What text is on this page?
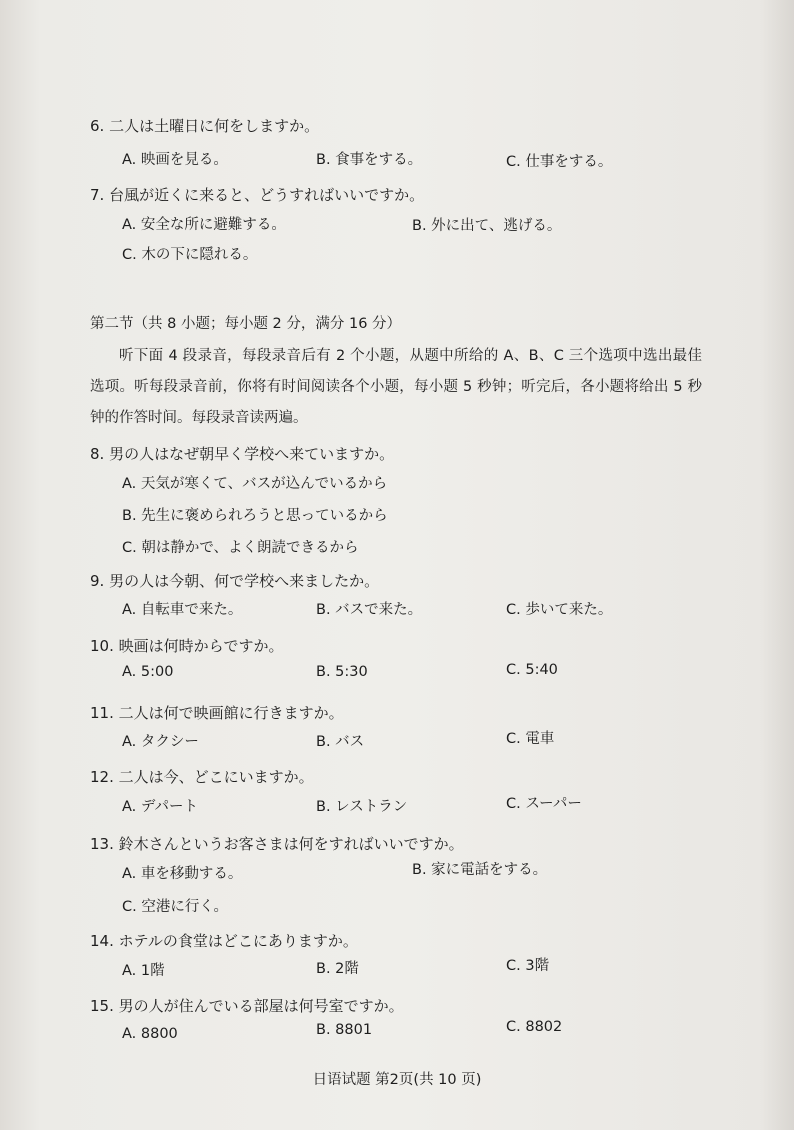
6. 二人は土曜日に何をしますか。
A. 映画を見る。	B. 食事をする。	C. 仕事をする。
7. 台風が近くに来ると、どうすればいいですか。
A. 安全な所に避難する。	B. 外に出て、逃げる。
C. 木の下に隠れる。
第二节（共 8 小题；每小题 2 分，满分 16 分）
听下面 4 段录音，每段录音后有 2 个小题，从题中所给的 A、B、C 三个选项中选出最佳选项。听每段录音前，你将有时间阅读各个小题，每小题 5 秒钟；听完后，各小题将给出 5 秒钟的作答时间。每段录音读两遍。
8. 男の人はなぜ朝早く学校へ来ていますか。
A. 天気が寒くて、バスが込んでいるから
B. 先生に褒められろうと思っているから
C. 朝は静かで、よく朗読できるから
9. 男の人は今朝、何で学校へ来ましたか。
A. 自転車で来た。	B. バスで来た。	C. 歩いて来た。
10. 映画は何時からですか。
A. 5:00	B. 5:30	C. 5:40
11. 二人は何で映画館に行きますか。
A. タクシー	B. バス	C. 電車
12. 二人は今、どこにいますか。
A. デパート	B. レストラン	C. スーパー
13. 鈴木さんというお客さまは何をすればいいですか。
A. 車を移動する。	B. 家に電話をする。
C. 空港に行く。
14. ホテルの食堂はどこにありますか。
A. 1階	B. 2階	C. 3階
15. 男の人が住んでいる部屋は何号室ですか。
A. 8800	B. 8801	C. 8802
日语试题 第2页(共 10 页)
